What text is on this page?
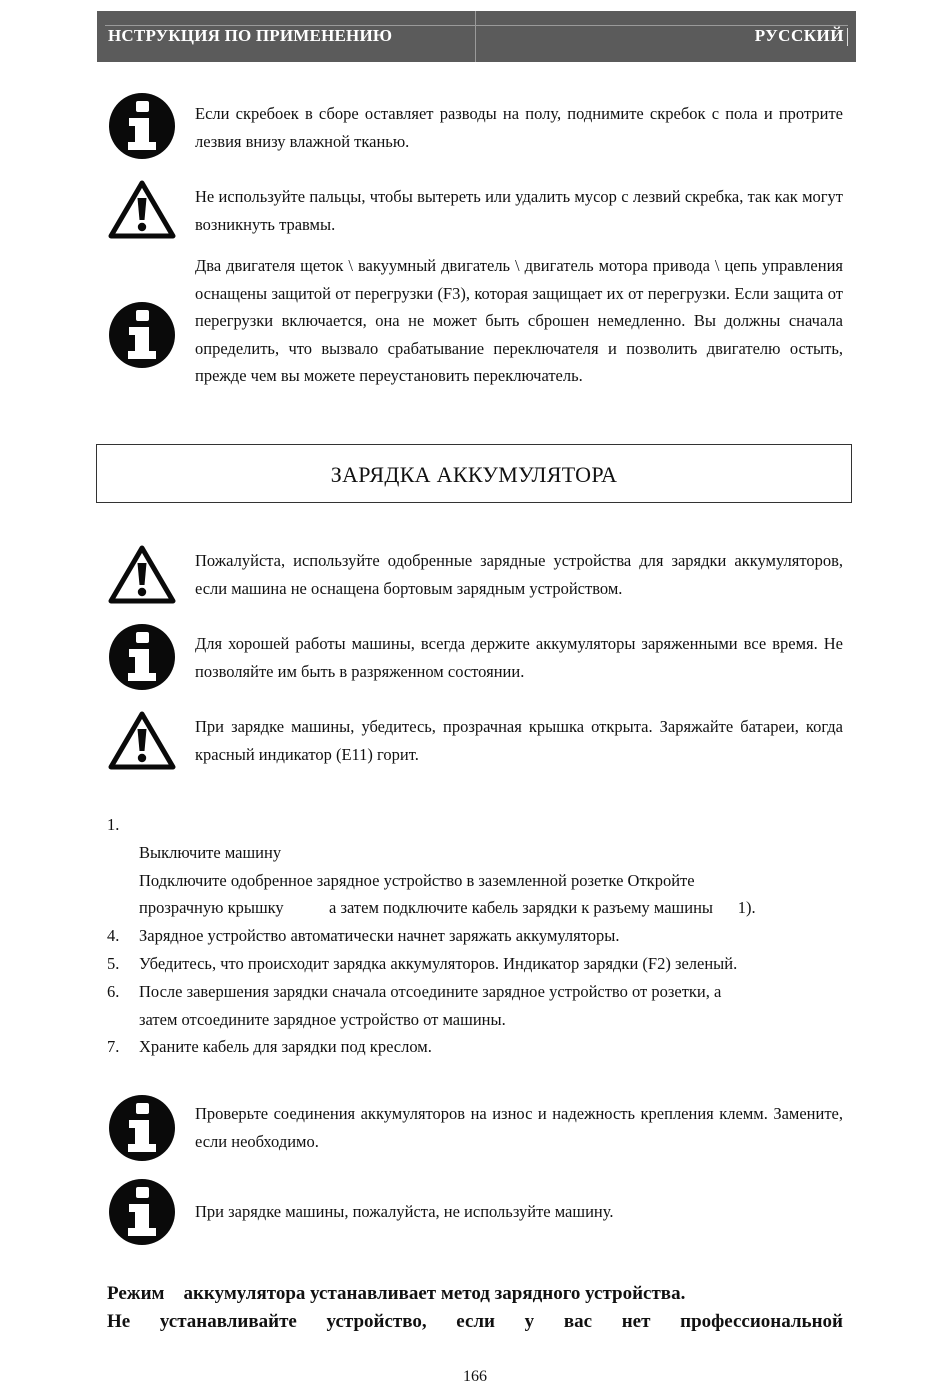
НСТРУКЦИЯ ПО ПРИМЕНЕНИЮ	РУССКИЙ
Если скребоек в сборе оставляет разводы на полу, поднимите скребок с пола и протрите лезвия внизу влажной тканью.
Не используйте пальцы, чтобы вытереть или удалить мусор с лезвий скребка, так как могут возникнуть травмы.
Два двигателя щеток \ вакуумный двигатель \ двигатель мотора привода \ цепь управления оснащены защитой от перегрузки (F3), которая защищает их от перегрузки. Если защита от перегрузки включается, она не может быть сброшен немедленно. Вы должны сначала определить, что вызвало срабатывание переключателя и позволить двигателю остыть, прежде чем вы можете переустановить переключатель.
ЗАРЯДКА АККУМУЛЯТОРА
Пожалуйста, используйте одобренные зарядные устройства для зарядки аккумуляторов, если машина не оснащена бортовым зарядным устройством.
Для хорошей работы машины, всегда держите аккумуляторы заряженными все время. Не позволяйте им быть в разряженном состоянии.
При зарядке машины, убедитесь, прозрачная крышка открыта. Заряжайте батареи, когда красный индикатор (E11) горит.
1.
Выключите машину
Подключите одобренное зарядное устройство в заземленной розетке Откройте
прозрачную крышку           а затем подключите кабель зарядки к разъему машины      1).
4. Зарядное устройство автоматически начнет заряжать аккумуляторы.
5. Убедитесь, что происходит зарядка аккумуляторов. Индикатор зарядки (F2) зеленый.
6. После завершения зарядки сначала отсоедините зарядное устройство от розетки, а
затем отсоедините зарядное устройство от машины.
7. Храните кабель для зарядки под креслом.
Проверьте соединения аккумуляторов на износ и надежность крепления клемм. Замените, если необходимо.
При зарядке машины, пожалуйста, не используйте машину.
Режим    аккумулятора устанавливает метод зарядного устройства.
Не устанавливайте устройство, если у вас нет профессиональной
166
